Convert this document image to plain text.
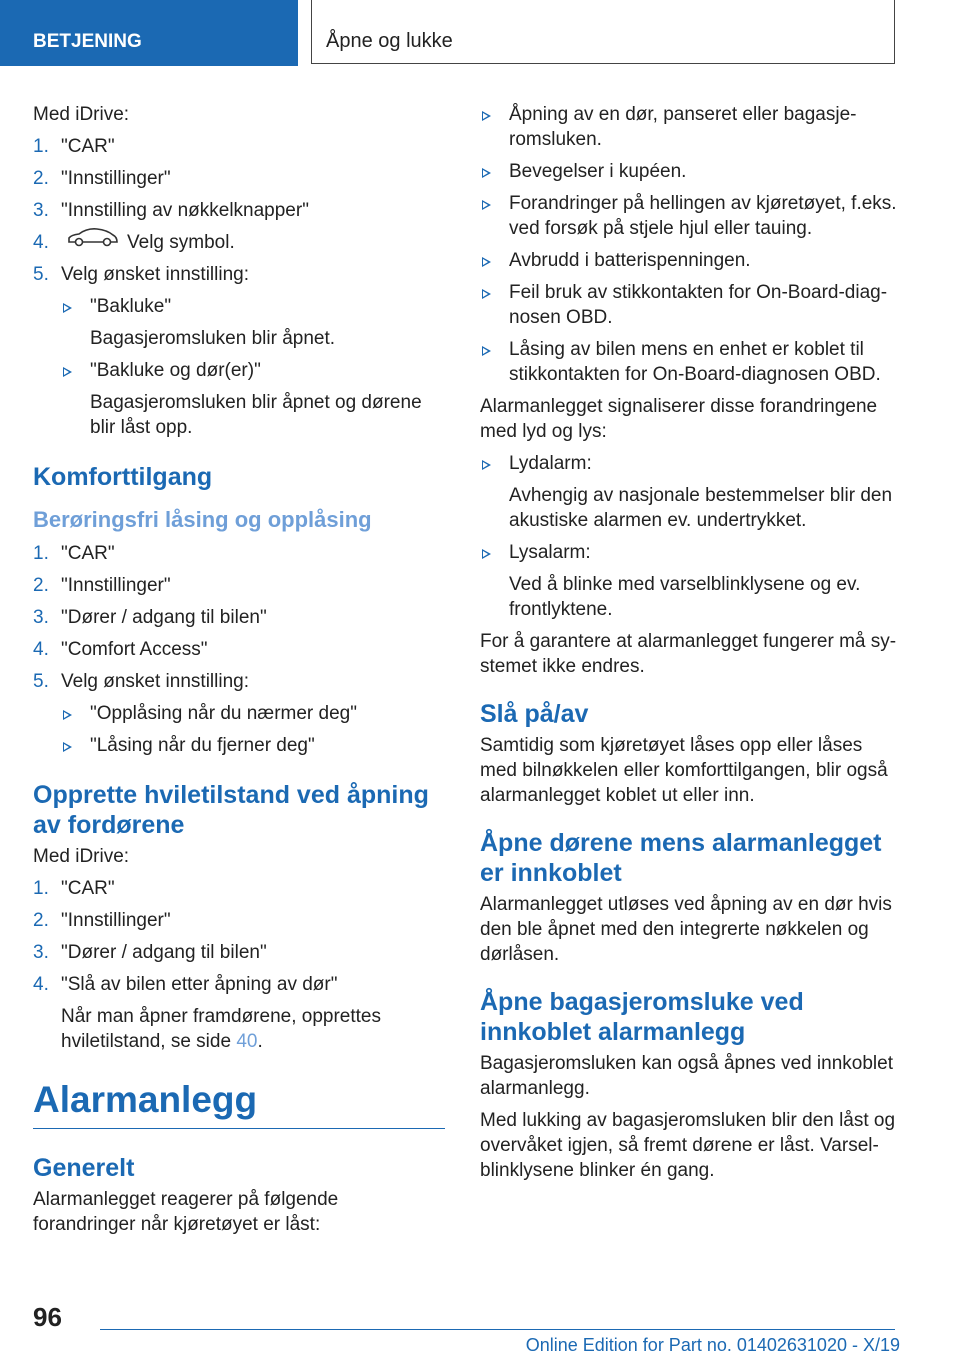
BETJENING	Åpne og lukke

Med iDrive:

1. "CAR"
2. "Innstillinger"
3. "Innstilling av nøkkelknapper"
4.	Velg symbol.
5. Velg ønsket innstilling:
"Bakluke"
Bagasjeromsluken blir åpnet.
"Bakluke og dør(er)"
Bagasjeromsluken blir åpnet og dørene blir låst opp.
Komforttilgang
Berøringsfri låsing og opplåsing
1. "CAR"
2. "Innstillinger"
3. "Dører / adgang til bilen"
4. "Comfort Access"
5. Velg ønsket innstilling:
"Opplåsing når du nærmer deg"
"Låsing når du fjerner deg"
Opprette hviletilstand ved åpning av fordørene

Med iDrive:

1. "CAR"
2. "Innstillinger"
3. "Dører / adgang til bilen"
4. "Slå av bilen etter åpning av dør"
Når man åpner framdørene, opprettes hviletilstand, se side 40.
Alarmanlegg
Generelt

Alarmanlegget reagerer på følgende forandringer når kjøretøyet er låst:

Åpning av en dør, panseret eller bagasjeromsluken.
Bevegelser i kupéen.
Forandringer på hellingen av kjøretøyet, f.eks. ved forsøk på stjele hjul eller tauing.
Avbrudd i batterispenningen.
Feil bruk av stikkontakten for On-Board-diagnosen OBD.
Låsing av bilen mens en enhet er koblet til stikkontakten for On-Board-diagnosen OBD.

Alarmanlegget signaliserer disse forandringene med lyd og lys:

Lydalarm:
Avhengig av nasjonale bestemmelser blir den akustiske alarmen ev. undertrykket.
Lysalarm:
Ved å blinke med varselblinklysene og ev. frontlyktene.

For å garantere at alarmanlegget fungerer må systemet ikke endres.

Slå på/av

Samtidig som kjøretøyet låses opp eller låses med bilnøkkelen eller komforttilgangen, blir også alarmanlegget koblet ut eller inn.

Åpne dørene mens alarmanlegget er innkoblet

Alarmanlegget utløses ved åpning av en dør hvis den ble åpnet med den integrerte nøkkelen og dørlåsen.

Åpne bagasjeromsluke ved innkoblet alarmanlegg

Bagasjeromsluken kan også åpnes ved innkoblet alarmanlegg.

Med lukking av bagasjeromsluken blir den låst og overvåket igjen, så fremt dørene er låst. Varselblinklysene blinker én gang.

96
Online Edition for Part no. 01402631020 - X/19
